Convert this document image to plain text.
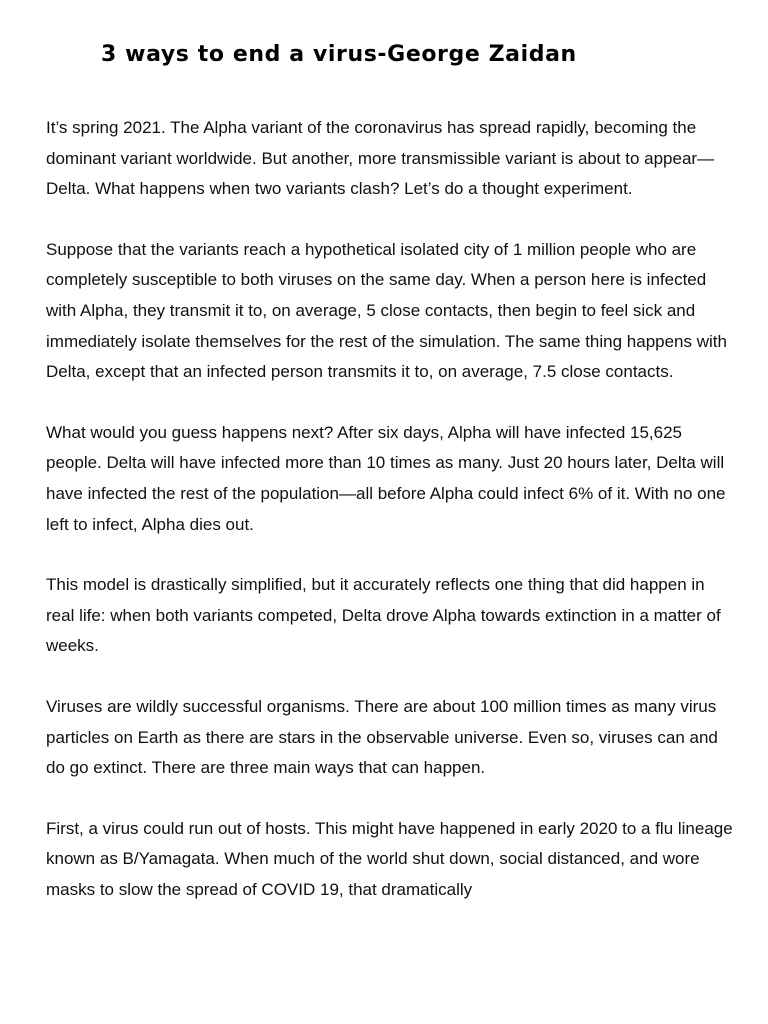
3 ways to end a virus-George Zaidan

It’s spring 2021. The Alpha variant of the coronavirus has spread rapidly, becoming the dominant variant worldwide. But another, more transmissible variant is about to appear—Delta. What happens when two variants clash? Let’s do a thought experiment.

Suppose that the variants reach a hypothetical isolated city of 1 million people who are completely susceptible to both viruses on the same day. When a person here is infected with Alpha, they transmit it to, on average, 5 close contacts, then begin to feel sick and immediately isolate themselves for the rest of the simulation. The same thing happens with Delta, except that an infected person transmits it to, on average, 7.5 close contacts.

What would you guess happens next? After six days, Alpha will have infected 15,625 people. Delta will have infected more than 10 times as many. Just 20 hours later, Delta will have infected the rest of the population—all before Alpha could infect 6% of it. With no one left to infect, Alpha dies out.

This model is drastically simplified, but it accurately reflects one thing that did happen in real life: when both variants competed, Delta drove Alpha towards extinction in a matter of weeks.

Viruses are wildly successful organisms. There are about 100 million times as many virus particles on Earth as there are stars in the observable universe. Even so, viruses can and do go extinct. There are three main ways that can happen.

First, a virus could run out of hosts. This might have happened in early 2020 to a flu lineage known as B/Yamagata. When much of the world shut down, social distanced, and wore masks to slow the spread of COVID 19, that dramatically
